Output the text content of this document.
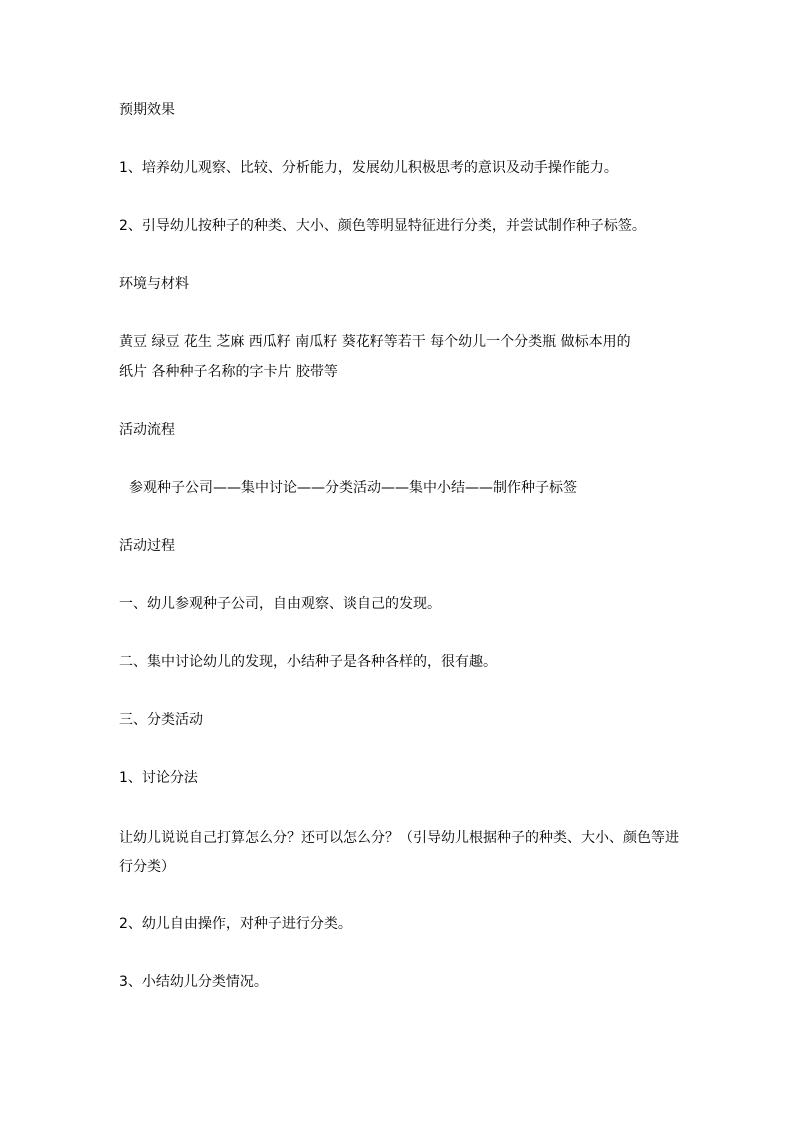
预期效果

1、培养幼儿观察、比较、分析能力，发展幼儿积极思考的意识及动手操作能力。

2、引导幼儿按种子的种类、大小、颜色等明显特征进行分类，并尝试制作种子标签。

环境与材料

黄豆 绿豆 花生 芝麻 西瓜籽 南瓜籽 葵花籽等若干 每个幼儿一个分类瓶 做标本用的

纸片 各种种子名称的字卡片 胶带等

活动流程

参观种子公司——集中讨论——分类活动——集中小结——制作种子标签

活动过程

一、幼儿参观种子公司，自由观察、谈自己的发现。

二、集中讨论幼儿的发现，小结种子是各种各样的，很有趣。

三、分类活动

1、讨论分法

让幼儿说说自己打算怎么分？还可以怎么分？（引导幼儿根据种子的种类、大小、颜色等进行分类）

2、幼儿自由操作，对种子进行分类。

3、小结幼儿分类情况。
